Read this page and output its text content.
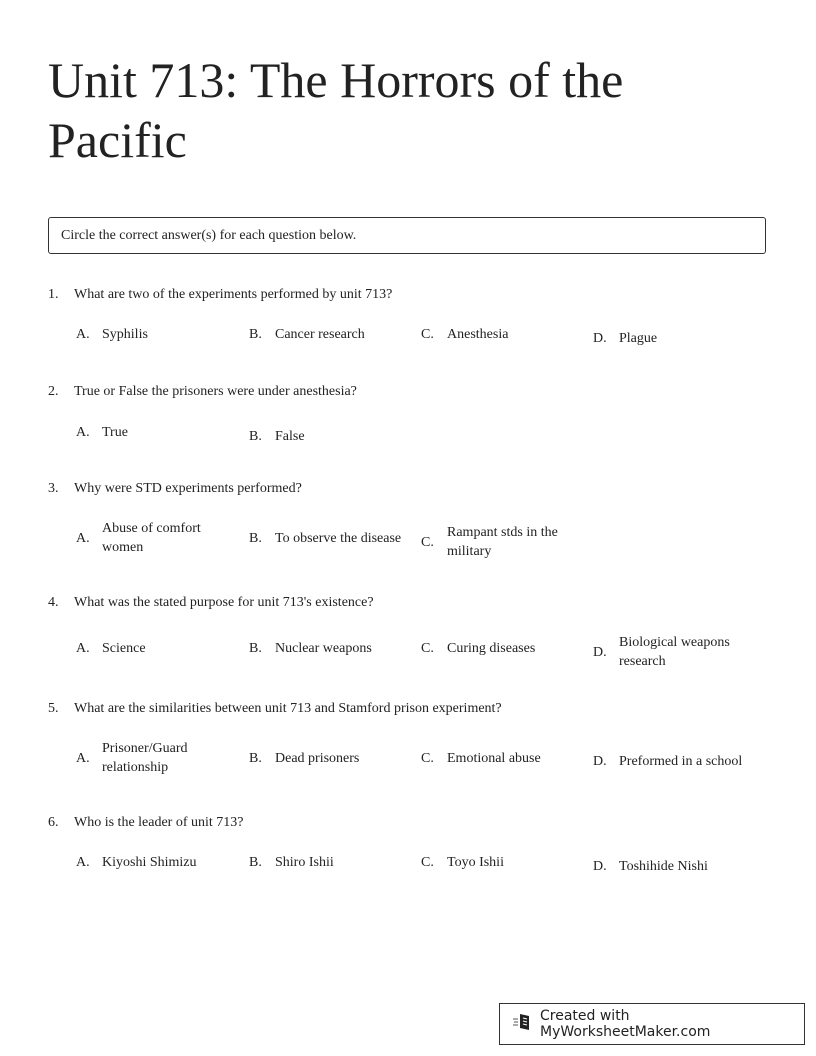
Unit 713: The Horrors of the Pacific
Circle the correct answer(s) for each question below.
1.	What are two of the experiments performed by unit 713?
A. Syphilis	B. Cancer research	C. Anesthesia	D. Plague
2.	True or False the prisoners were under anesthesia?
A. True	B. False
3.	Why were STD experiments performed?
A.
Abuse of comfort women
B. To observe the disease	C.
Rampant stds in the military
4.	What was the stated purpose for unit 713's existence?
A. Science	B. Nuclear weapons	C. Curing diseases	D.
Biological weapons research
5.	What are the similarities between unit 713 and Stamford prison experiment?
A.
Prisoner/Guard relationship
B. Dead prisoners	C. Emotional abuse	D. Preformed in a school
6.	Who is the leader of unit 713?
A. Kiyoshi Shimizu	B. Shiro Ishii	C. Toyo Ishii	D. Toshihide Nishi
Created with MyWorksheetMaker.com
